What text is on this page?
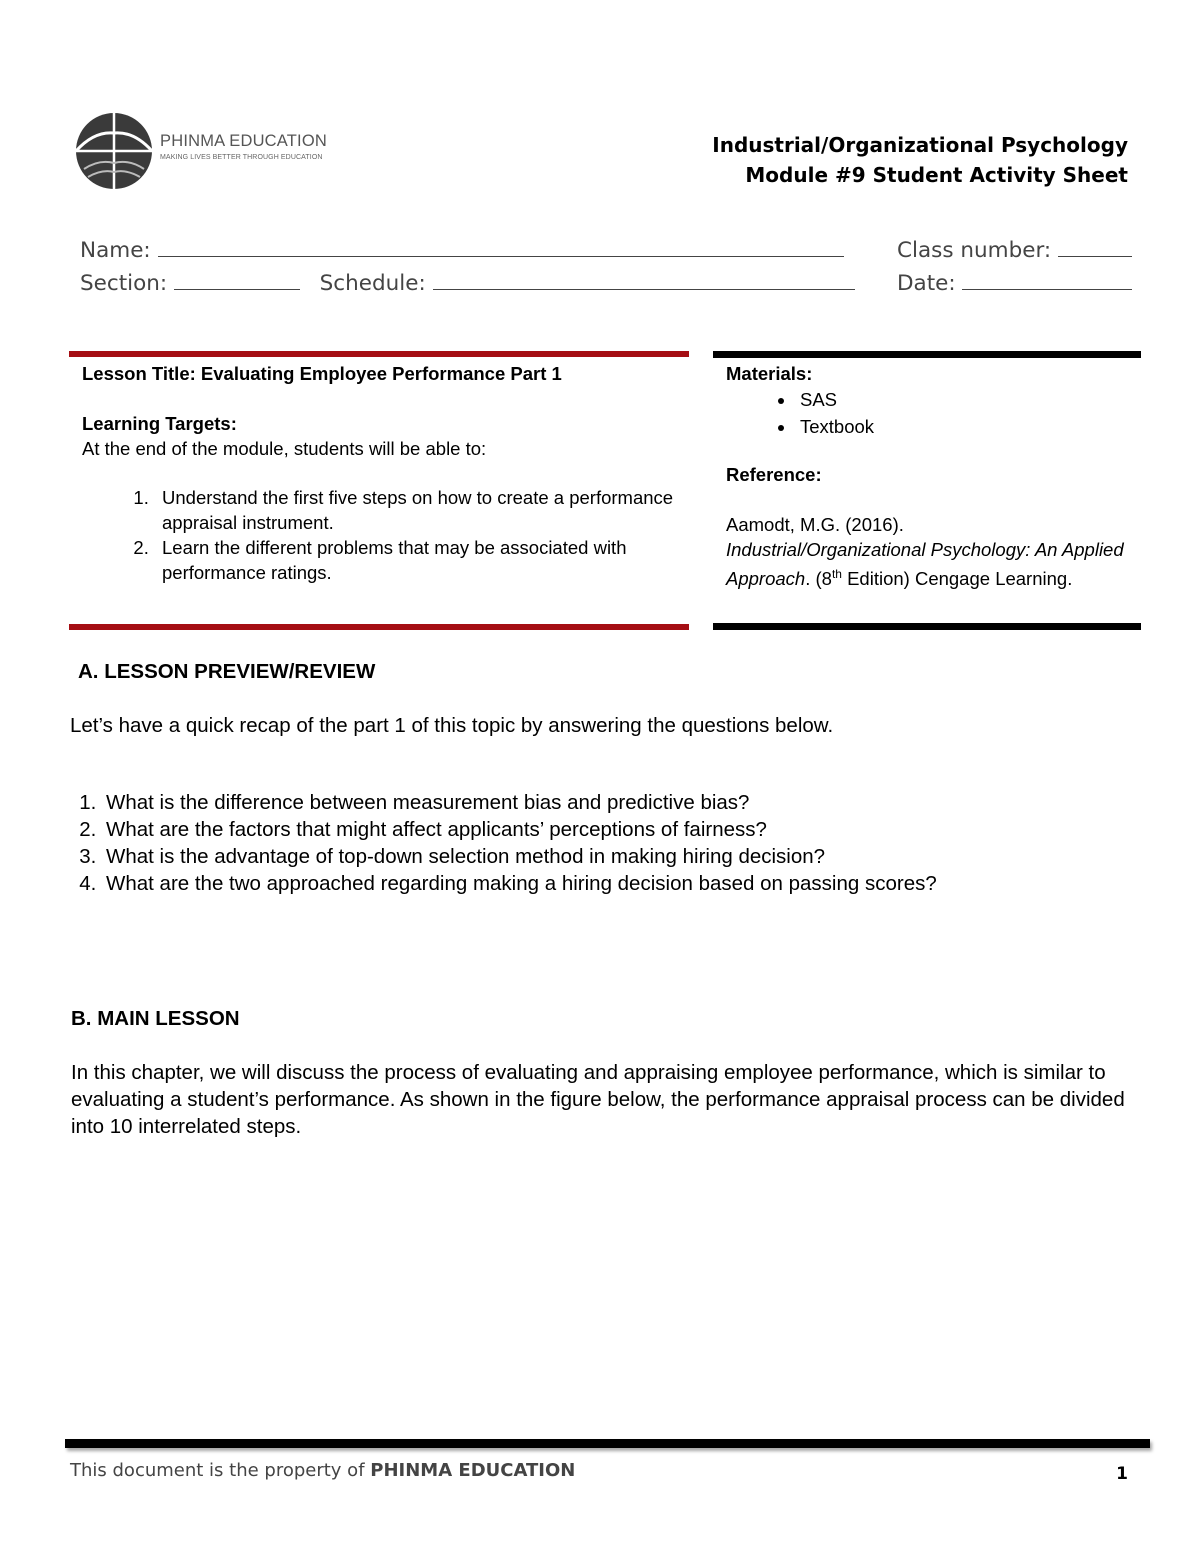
PHINMA EDUCATION
MAKING LIVES BETTER THROUGH EDUCATION
Industrial/Organizational Psychology
Module #9 Student Activity Sheet
Name:	Class number:
Section:	Schedule:	Date:
Lesson Title: Evaluating Employee Performance Part 1
Learning Targets:
At the end of the module, students will be able to:
1. Understand the first five steps on how to create a performance appraisal instrument.
2. Learn the different problems that may be associated with performance ratings.
Materials:
• SAS
• Textbook
Reference:
Aamodt, M.G. (2016).
Industrial/Organizational Psychology: An Applied Approach. (8th Edition) Cengage Learning.
A. LESSON PREVIEW/REVIEW
Let’s have a quick recap of the part 1 of this topic by answering the questions below.
1. What is the difference between measurement bias and predictive bias?
2. What are the factors that might affect applicants’ perceptions of fairness?
3. What is the advantage of top-down selection method in making hiring decision?
4. What are the two approached regarding making a hiring decision based on passing scores?
B. MAIN LESSON
In this chapter, we will discuss the process of evaluating and appraising employee performance, which is similar to evaluating a student’s performance. As shown in the figure below, the performance appraisal process can be divided into 10 interrelated steps.
This document is the property of PHINMA EDUCATION	1
